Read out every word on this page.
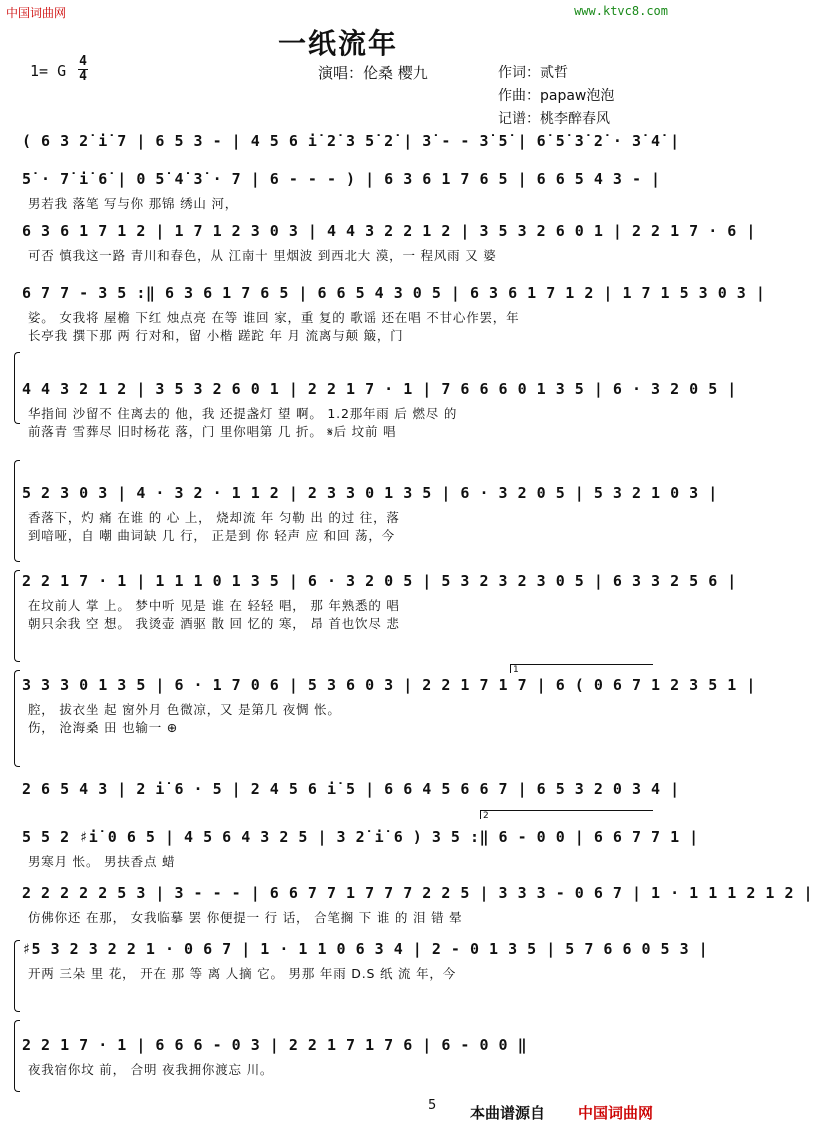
中国词曲网	www.ktvc8.com
一纸流年
1= G
4
4	演唱：伦桑 樱九	作词：贰哲
作曲：papaw泡泡
记谱：桃李醉春风
( 6 3 2̇ i̇ 7 | 6 5 3 - | 4 5 6 i̇ 2̇ 3 5̇ 2̇ | 3̇ - - 3̇ 5̇ | 6̇ 5̇ 3̇ 2̇ · 3̇ 4̇ |
5̇ · 7̇ i̇ 6̇ | 0 5̇ 4̇ 3̇ · 7 | 6 - - - ) | 6 3 6 1 7 6 5 | 6 6 5 4 3 - |
男若我 落笔 写与你 那锦 绣山 河，
6 3 6 1 7 1 2 | 1 7 1 2 3 0 3 | 4 4 3 2 2 1 2 | 3 5 3 2 6 0 1 | 2 2 1 7 · 6 |
可否 慎我这一路 青川和春色，从 江南十 里烟波 到西北大 漠，一 程风雨 又 婆
6 7 7 - 3 5 :‖ 6 3 6 1 7 6 5 | 6 6 5 4 3 0 5 | 6 3 6 1 7 1 2 | 1 7 1 5 3 0 3 |
娑。 女我将 屋檐 下红 烛点亮 在等 谁回 家，重 复的 歌谣 还在唱 不甘心作罢，年
长亭我 撰下那 两 行对和，留 小楷 蹉跎 年 月 流离与颠 簸，门
4 4 3 2 1 2 | 3 5 3 2 6 0 1 | 2 2 1 7 · 1 | 7 6 6 6 0 1 3 5 | 6 · 3 2 0 5 |
华指间 沙留不 住离去的 他，我 还提盏灯 望 啊。 1.2那年雨 后 燃尽 的
前落青 雪葬尽 旧时杨花 落，门 里你唱第 几 折。 𝄋后 坟前 唱
5 2 3 0 3 | 4 · 3 2 · 1 1 2 | 2 3 3 0 1 3 5 | 6 · 3 2 0 5 | 5 3 2 1 0 3 |
香落下，灼 痛 在谁 的 心 上， 烧却流 年 匀勒 出 的过 往，落
到喑哑，自 嘲 曲词缺 几 行， 正是到 你 轻声 应 和回 荡，今
2 2 1 7 · 1 | 1 1 1 0 1 3 5 | 6 · 3 2 0 5 | 5 3 2 3 2 3 0 5 | 6 3 3 2 5 6 |
在坟前人 掌 上。 梦中听 见是 谁 在 轻轻 唱， 那 年熟悉的 唱
朝只余我 空 想。 我烫壶 酒驱 散 回 忆的 寒， 昂 首也饮尽 悲
3 3 3 0 1 3 5 | 6 · 1 7 0 6 | 5 3 6 0 3 | 2 2 1 7 1 7 | 6 ( 0 6 7 1 2 3 5 1 |
腔， 拔衣坐 起 窗外月 色微凉，又 是第几 夜惆 怅。
伤， 沧海桑 田 也输一 ⊕
2 6 5 4 3 | 2 i̇ 6 · 5 | 2 4 5 6 i̇ 5 | 6 6 4 5 6 6 7 | 6 5 3 2 0 3 4 |
5 5 2 ♯i̇ 0 6 5 | 4 5 6 4 3 2 5 | 3 2̇ i̇ 6 ) 3 5 :‖ 6 - 0 0 | 6 6 7 7 1 |
男寒月 怅。 男扶香点 蜡
2 2 2 2 2 5 3 | 3 - - - | 6 6 7 7 1 7 7 7 2 2 5 | 3 3 3 - 0 6 7 | 1 · 1 1 1 2 1 2 |
仿佛你还 在那， 女我临摹 罢 你便提一 行 话， 合笔搁 下 谁 的 泪 错 晕
♯5 3 2 3 2 2 1 · 0 6 7 | 1 · 1 1 0 6 3 4 | 2 - 0 1 3 5 | 5 7 6 6 0 5 3 |
开两 三朵 里 花， 开在 那 等 离 人摘 它。 男那 年雨 D.S 纸 流 年，今
2 2 1 7 · 1 | 6 6 6 - 0 3 | 2 2 1 7 1 7 6 | 6 - 0 0 ‖
夜我宿你坟 前， 合明 夜我拥你渡忘 川。
1
2
5 本曲谱源自 中国词曲网
